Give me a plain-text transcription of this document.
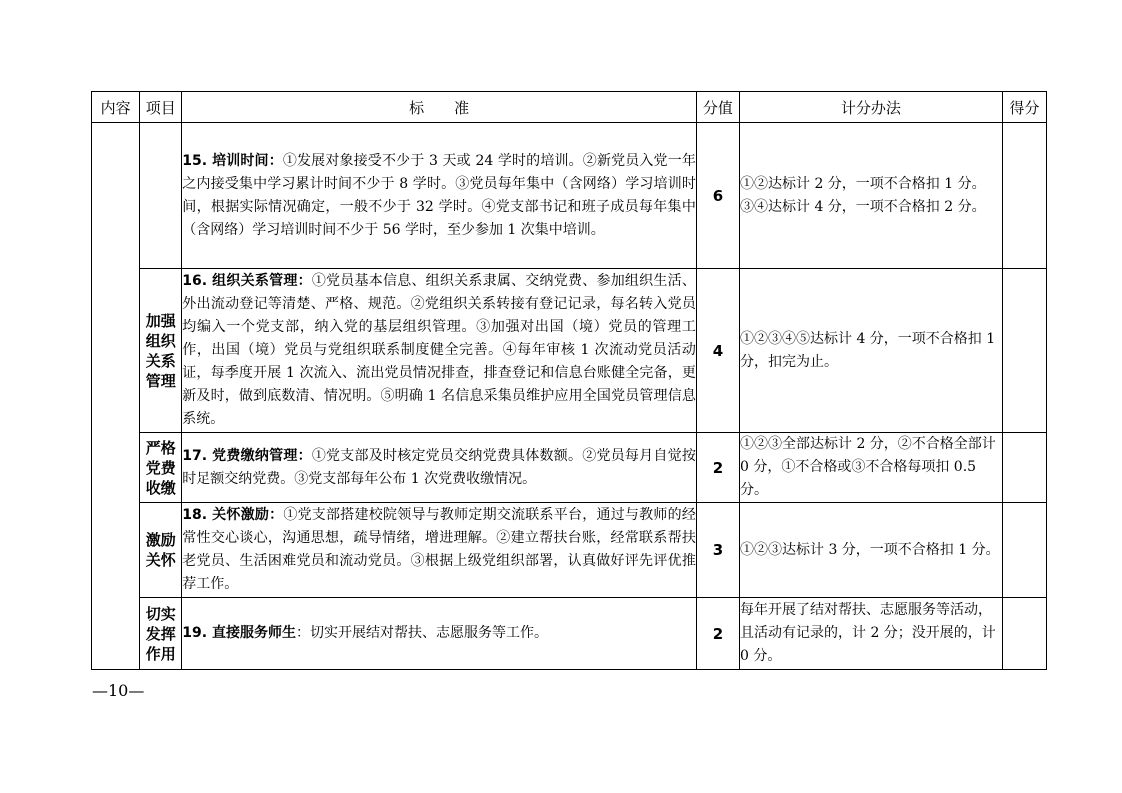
内容	项目	标　　准	分值	计分办法	得分
		15. 培训时间：①发展对象接受不少于 3 天或 24 学时的培训。②新党员入党一年之内接受集中学习累计时间不少于 8 学时。③党员每年集中（含网络）学习培训时间，根据实际情况确定，一般不少于 32 学时。④党支部书记和班子成员每年集中（含网络）学习培训时间不少于 56 学时，至少参加 1 次集中培训。	6	①②达标计 2 分，一项不合格扣 1 分。③④达标计 4 分，一项不合格扣 2 分。	
	加强组织关系管理	16. 组织关系管理：①党员基本信息、组织关系隶属、交纳党费、参加组织生活、外出流动登记等清楚、严格、规范。②党组织关系转接有登记记录，每名转入党员均编入一个党支部，纳入党的基层组织管理。③加强对出国（境）党员的管理工作，出国（境）党员与党组织联系制度健全完善。④每年审核 1 次流动党员活动证，每季度开展 1 次流入、流出党员情况排查，排查登记和信息台账健全完备，更新及时，做到底数清、情况明。⑤明确 1 名信息采集员维护应用全国党员管理信息系统。	4	①②③④⑤达标计 4 分，一项不合格扣 1 分，扣完为止。	
	严格党费收缴	17. 党费缴纳管理：①党支部及时核定党员交纳党费具体数额。②党员每月自觉按时足额交纳党费。③党支部每年公布 1 次党费收缴情况。	2	①②③全部达标计 2 分，②不合格全部计 0 分，①不合格或③不合格每项扣 0.5 分。	
	激励关怀	18. 关怀激励：①党支部搭建校院领导与教师定期交流联系平台，通过与教师的经常性交心谈心，沟通思想，疏导情绪，增进理解。②建立帮扶台账，经常联系帮扶老党员、生活困难党员和流动党员。③根据上级党组织部署，认真做好评先评优推荐工作。	3	①②③达标计 3 分，一项不合格扣 1 分。	
	切实发挥作用	19. 直接服务师生：切实开展结对帮扶、志愿服务等工作。	2	每年开展了结对帮扶、志愿服务等活动，且活动有记录的，计 2 分；没开展的，计 0 分。	
—10—
